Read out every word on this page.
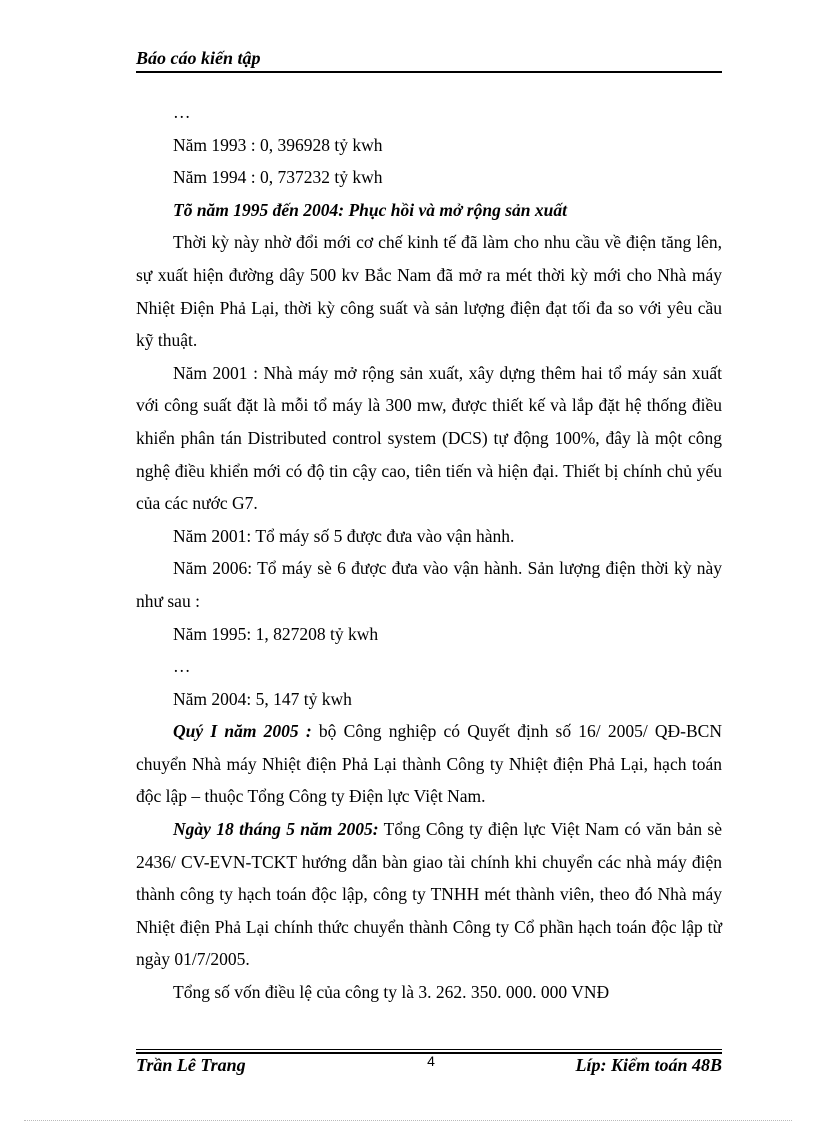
Báo cáo kiến tập

…

Năm 1993 : 0, 396928 tỷ kwh

Năm 1994 : 0, 737232 tỷ kwh

Tõ năm 1995 đến 2004: Phục hồi và mở rộng sản xuất

Thời kỳ này nhờ đổi mới cơ chế kinh tế đã làm cho nhu cầu về điện tăng lên, sự xuất hiện đường dây 500 kv Bắc Nam đã mở ra mét thời kỳ mới cho Nhà máy Nhiệt Điện Phả Lại, thời kỳ công suất và sản lượng điện đạt tối đa so với yêu cầu kỹ thuật.

Năm 2001 : Nhà máy mở rộng sản xuất, xây dựng thêm hai tổ máy sản xuất với công suất đặt là mỗi tổ máy là 300 mw, được thiết kế và lắp đặt hệ thống điều khiển phân tán Distributed control system (DCS) tự động 100%, đây là một công nghệ điều khiển mới có độ tin cậy cao, tiên tiến và hiện đại. Thiết bị chính chủ yếu của các nước G7.

Năm 2001: Tổ máy số 5 được đưa vào vận hành.

Năm 2006: Tổ máy sè 6 được đưa vào vận hành. Sản lượng điện thời kỳ này như sau :

Năm 1995: 1, 827208 tỷ kwh

…

Năm 2004: 5, 147 tỷ kwh

Quý I năm 2005 : bộ Công nghiệp có Quyết định số 16/ 2005/ QĐ-BCN chuyển Nhà máy Nhiệt điện Phả Lại thành Công ty Nhiệt điện Phả Lại, hạch toán độc lập – thuộc Tổng Công ty Điện lực Việt Nam.

Ngày 18 tháng 5 năm 2005: Tổng Công ty điện lực Việt Nam có văn bản sè 2436/ CV-EVN-TCKT hướng dẫn bàn giao tài chính khi chuyển các nhà máy điện thành công ty hạch toán độc lập, công ty TNHH mét thành viên, theo đó Nhà máy Nhiệt điện Phả Lại chính thức chuyển thành Công ty Cổ phần hạch toán độc lập từ ngày 01/7/2005.

Tổng số vốn điều lệ của công ty là 3. 262. 350. 000. 000 VNĐ

Trần Lê Trang	4	Líp: Kiểm toán 48B
